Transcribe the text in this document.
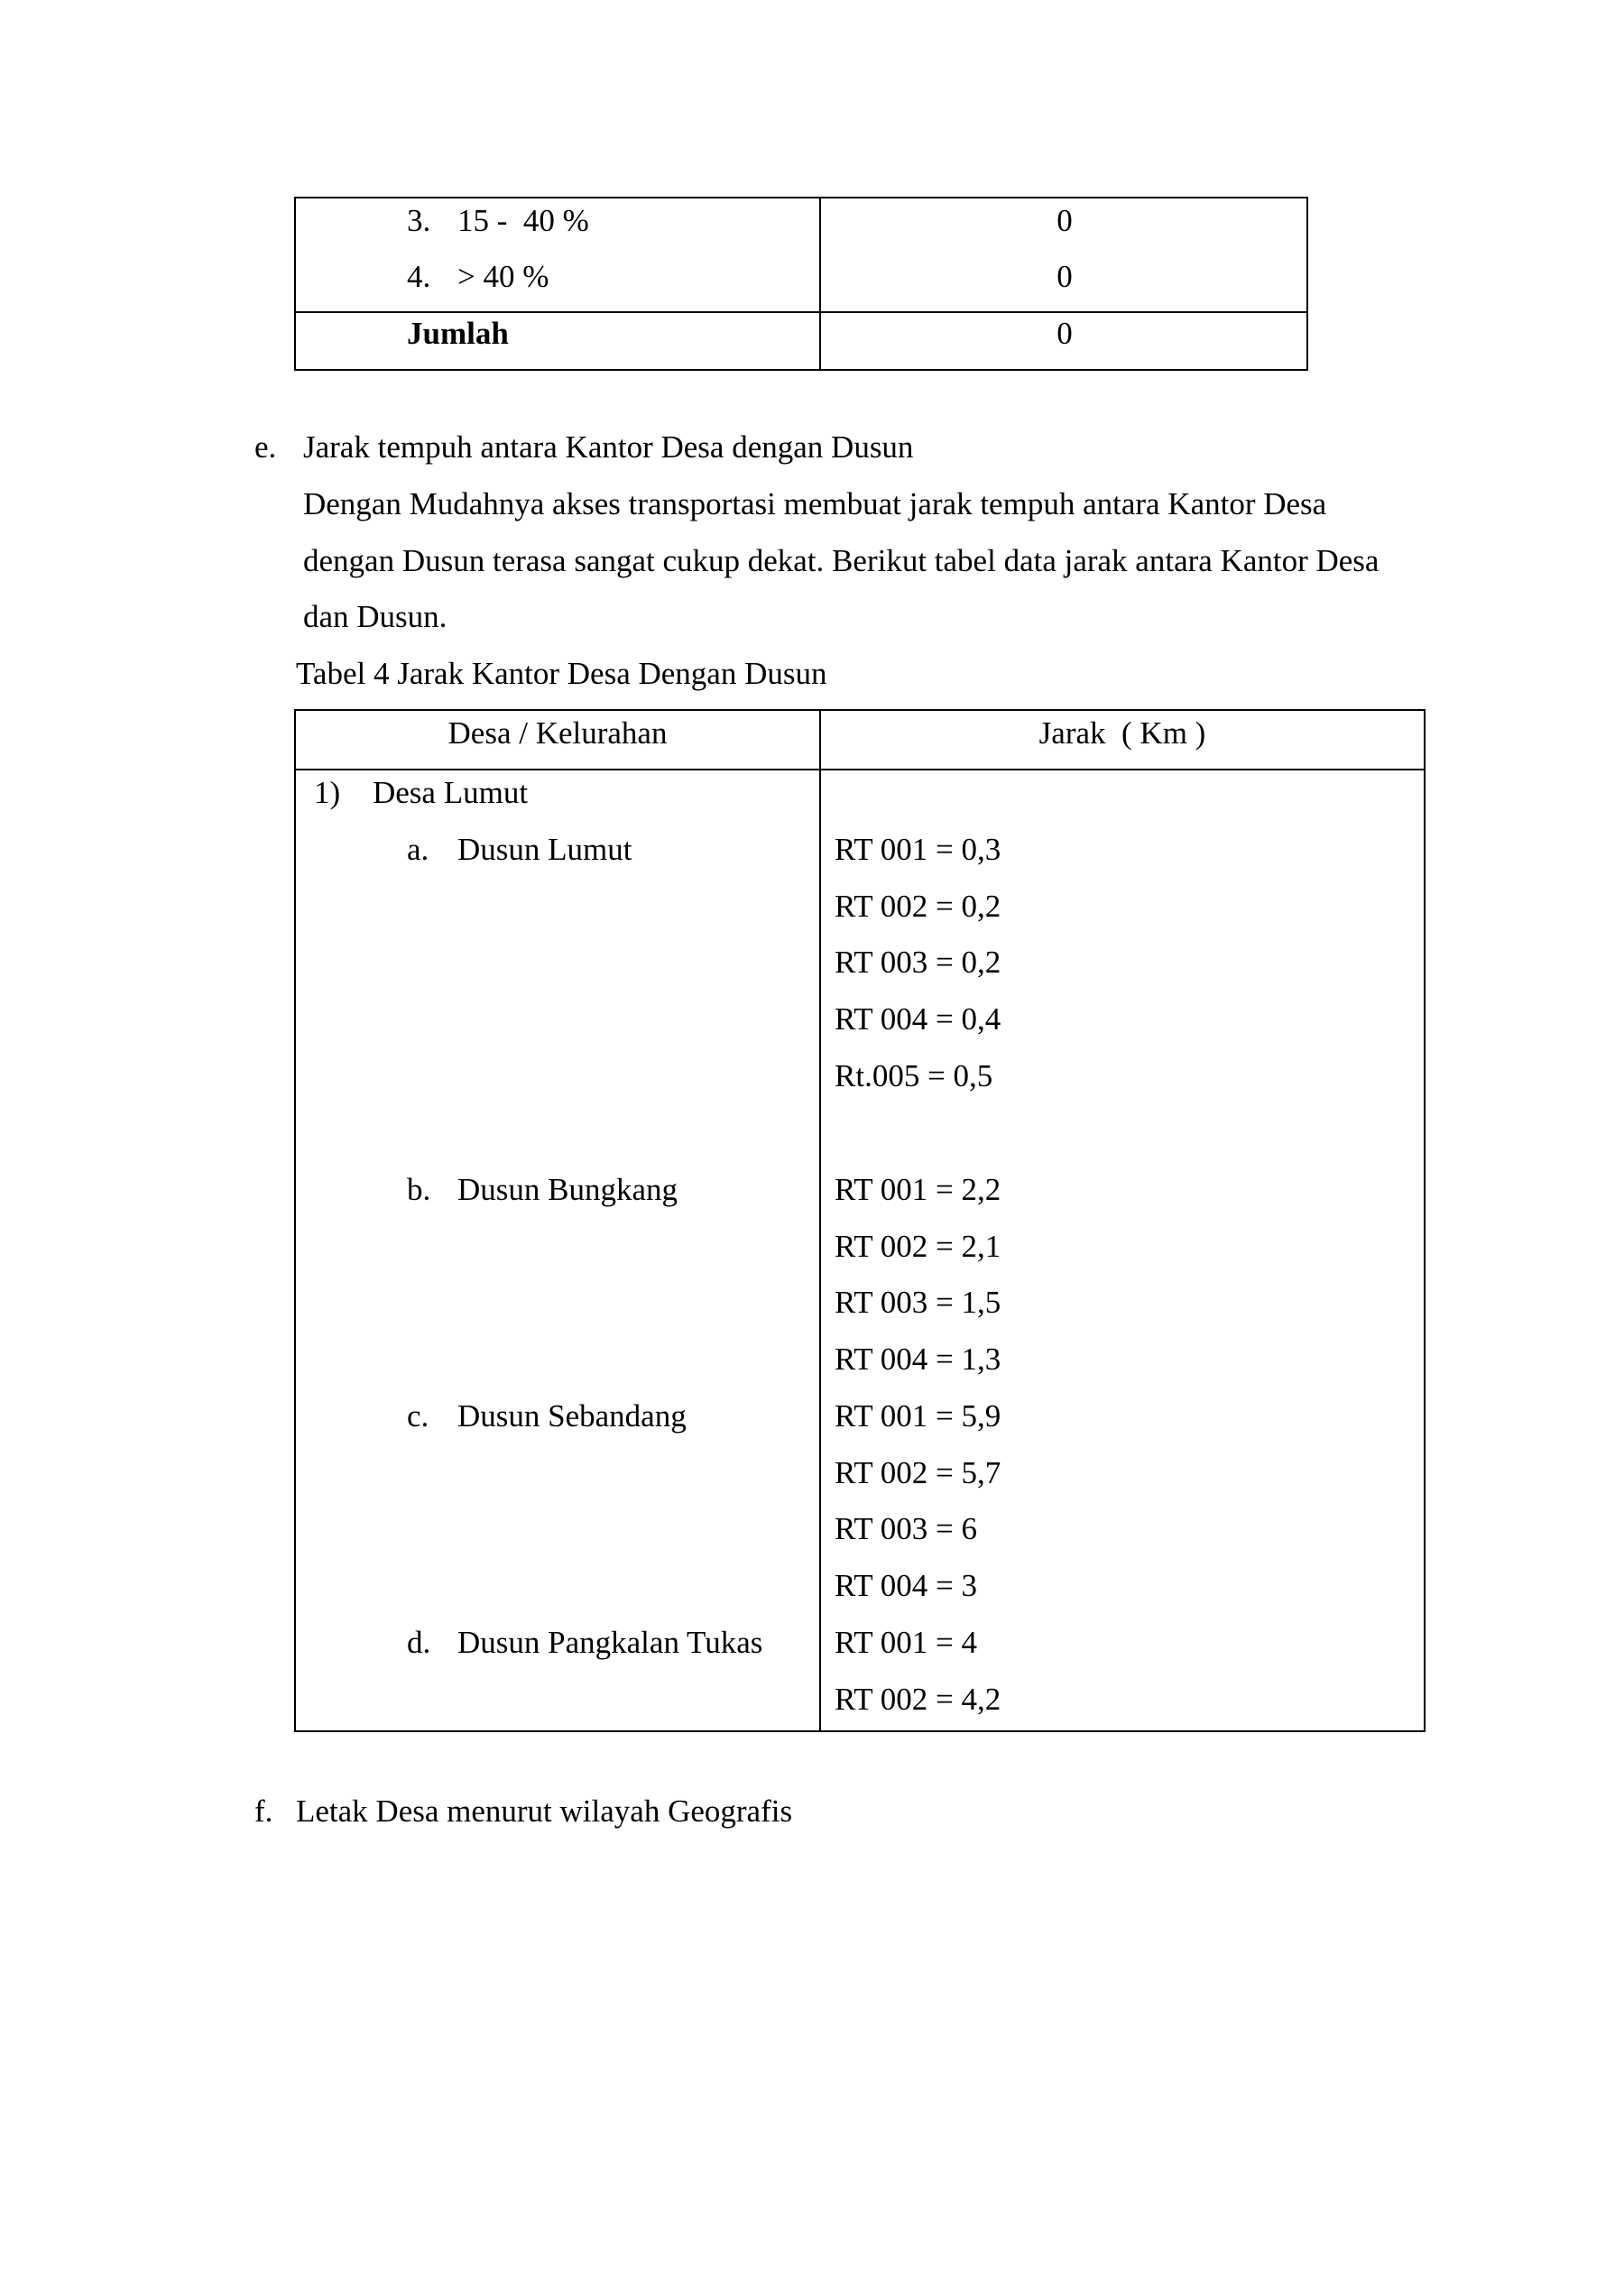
3. 15 -  40 %	0
4. > 40 %	0
Jumlah	0
e. Jarak tempuh antara Kantor Desa dengan Dusun
Dengan Mudahnya akses transportasi membuat jarak tempuh antara Kantor Desa
dengan Dusun terasa sangat cukup dekat. Berikut tabel data jarak antara Kantor Desa
dan Dusun.
Tabel 4 Jarak Kantor Desa Dengan Dusun
Desa / Kelurahan	Jarak  ( Km )
1) Desa Lumut
a. Dusun Lumut	RT 001 = 0,3
RT 002 = 0,2
RT 003 = 0,2
RT 004 = 0,4
Rt.005 = 0,5
b. Dusun Bungkang	RT 001 = 2,2
RT 002 = 2,1
RT 003 = 1,5
RT 004 = 1,3
c. Dusun Sebandang	RT 001 = 5,9
RT 002 = 5,7
RT 003 = 6
RT 004 = 3
d. Dusun Pangkalan Tukas RT 001 = 4
RT 002 = 4,2
f. Letak Desa menurut wilayah Geografis
